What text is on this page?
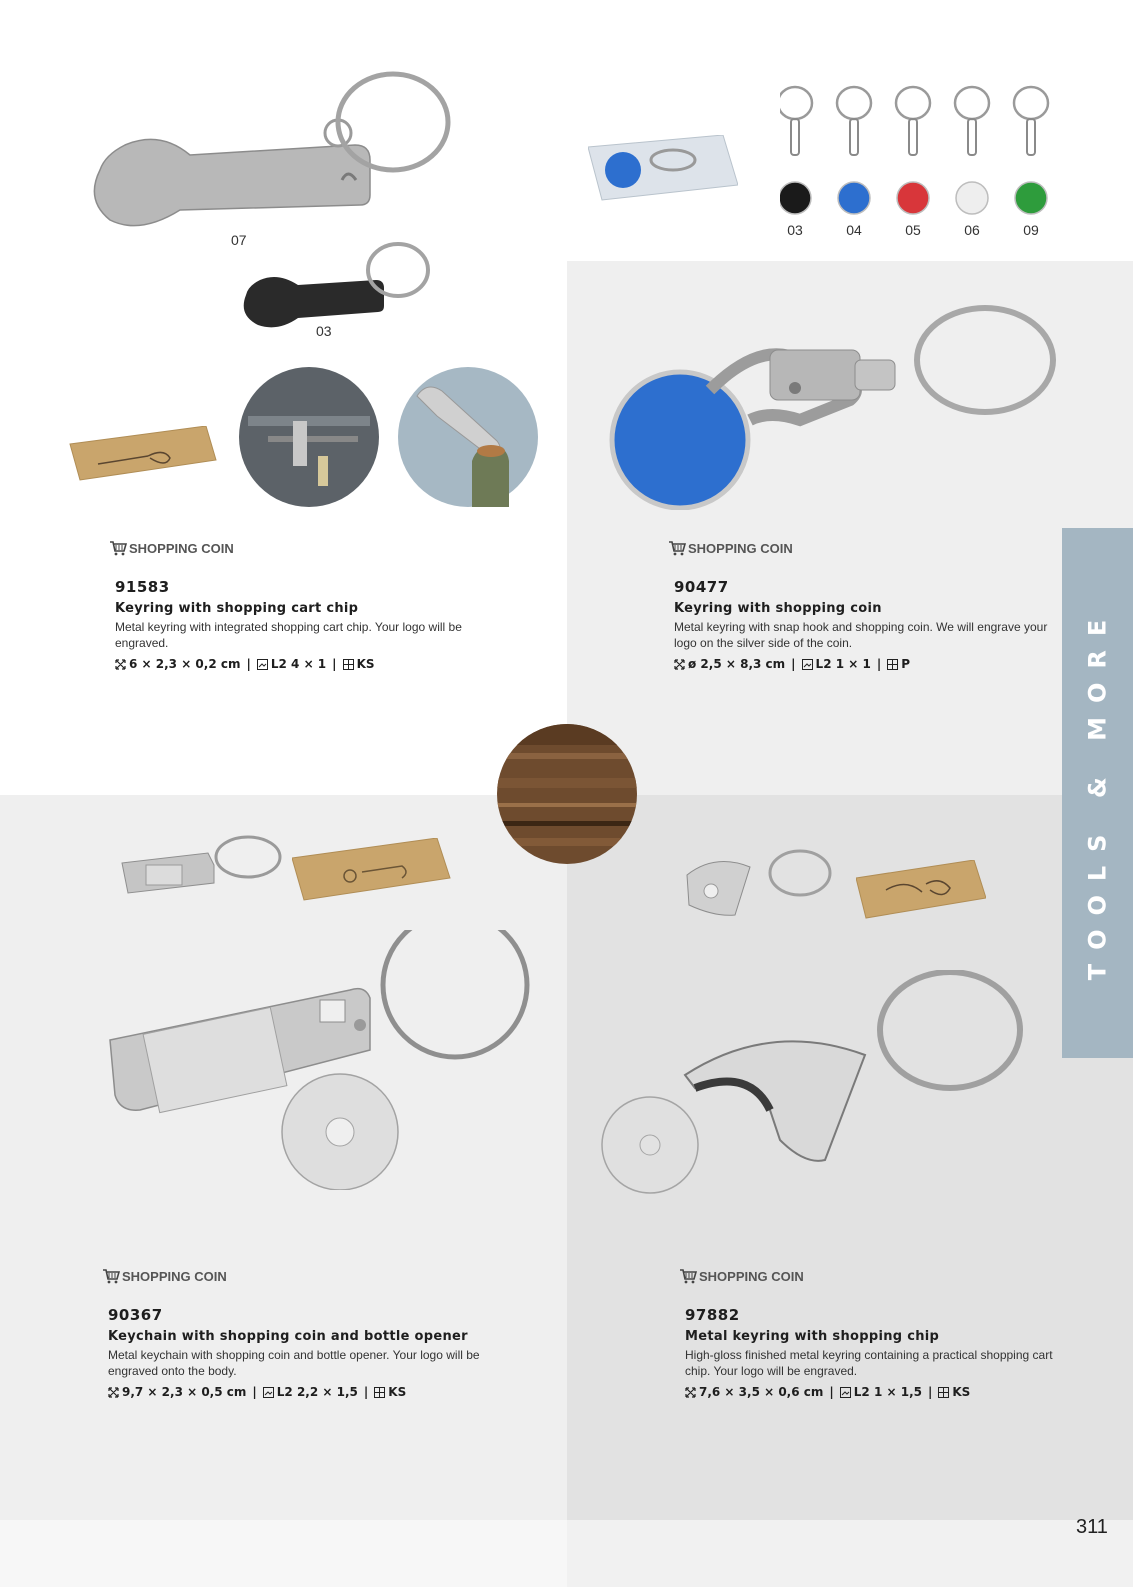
TOOLS & MORE
07
03
03	04	05	06	09
SHOPPING COIN
91583
Keyring with shopping cart chip
Metal keyring with integrated shopping cart chip. Your logo will be engraved.
6 × 2,3 × 0,2 cm | L2 4 × 1 | KS
SHOPPING COIN
90477
Keyring with shopping coin
Metal keyring with snap hook and shopping coin. We will engrave your logo on the silver side of the coin.
ø 2,5 × 8,3 cm | L2 1 × 1 | P
SHOPPING COIN
90367
Keychain with shopping coin and bottle opener
Metal keychain with shopping coin and bottle opener. Your logo will be engraved onto the body.
9,7 × 2,3 × 0,5 cm | L2 2,2 × 1,5 | KS
SHOPPING COIN
97882
Metal keyring with shopping chip
High-gloss finished metal keyring containing a practical shopping cart chip. Your logo will be engraved.
7,6 × 3,5 × 0,6 cm | L2 1 × 1,5 | KS
311
